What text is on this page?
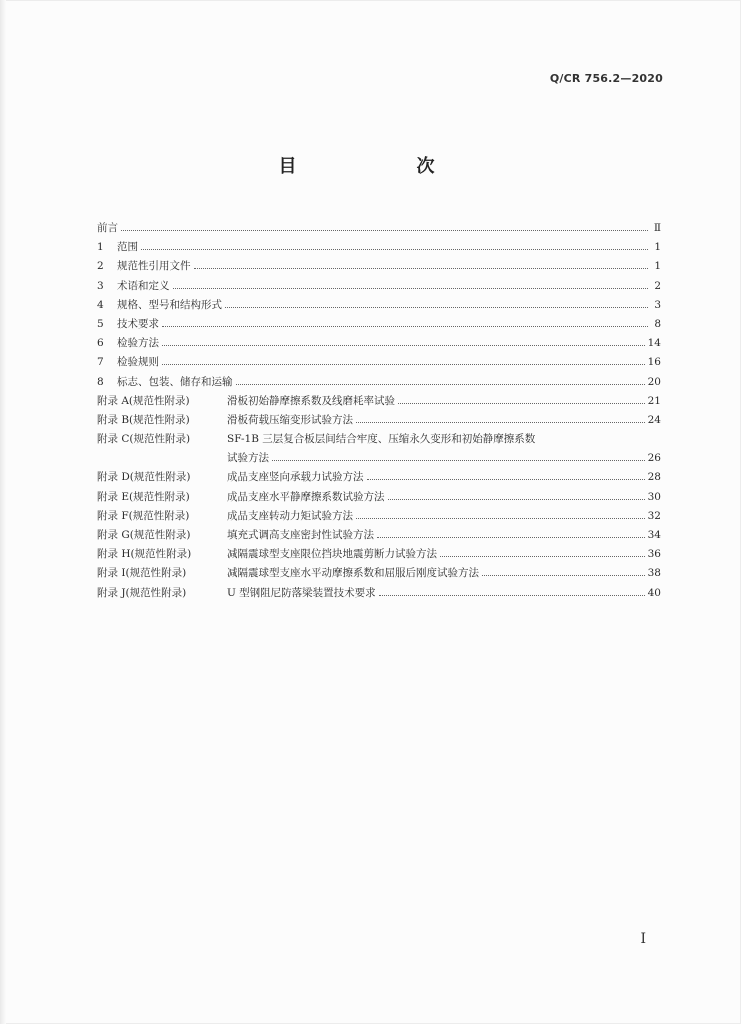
Q/CR 756.2—2020
目　　次
前言	Ⅱ
1	范围	1
2	规范性引用文件	1
3	术语和定义	2
4	规格、型号和结构形式	3
5	技术要求	8
6	检验方法	14
7	检验规则	16
8	标志、包装、储存和运输	20
附录 A(规范性附录)	滑板初始静摩擦系数及线磨耗率试验	21
附录 B(规范性附录)	滑板荷载压缩变形试验方法	24
附录 C(规范性附录)	SF-1B 三层复合板层间结合牢度、压缩永久变形和初始静摩擦系数
试验方法	26
附录 D(规范性附录)	成品支座竖向承载力试验方法	28
附录 E(规范性附录)	成品支座水平静摩擦系数试验方法	30
附录 F(规范性附录)	成品支座转动力矩试验方法	32
附录 G(规范性附录)	填充式调高支座密封性试验方法	34
附录 H(规范性附录)	减隔震球型支座限位挡块地震剪断力试验方法	36
附录 I(规范性附录)	减隔震球型支座水平动摩擦系数和屈服后刚度试验方法	38
附录 J(规范性附录)	U 型钢阻尼防落梁装置技术要求	40
I
